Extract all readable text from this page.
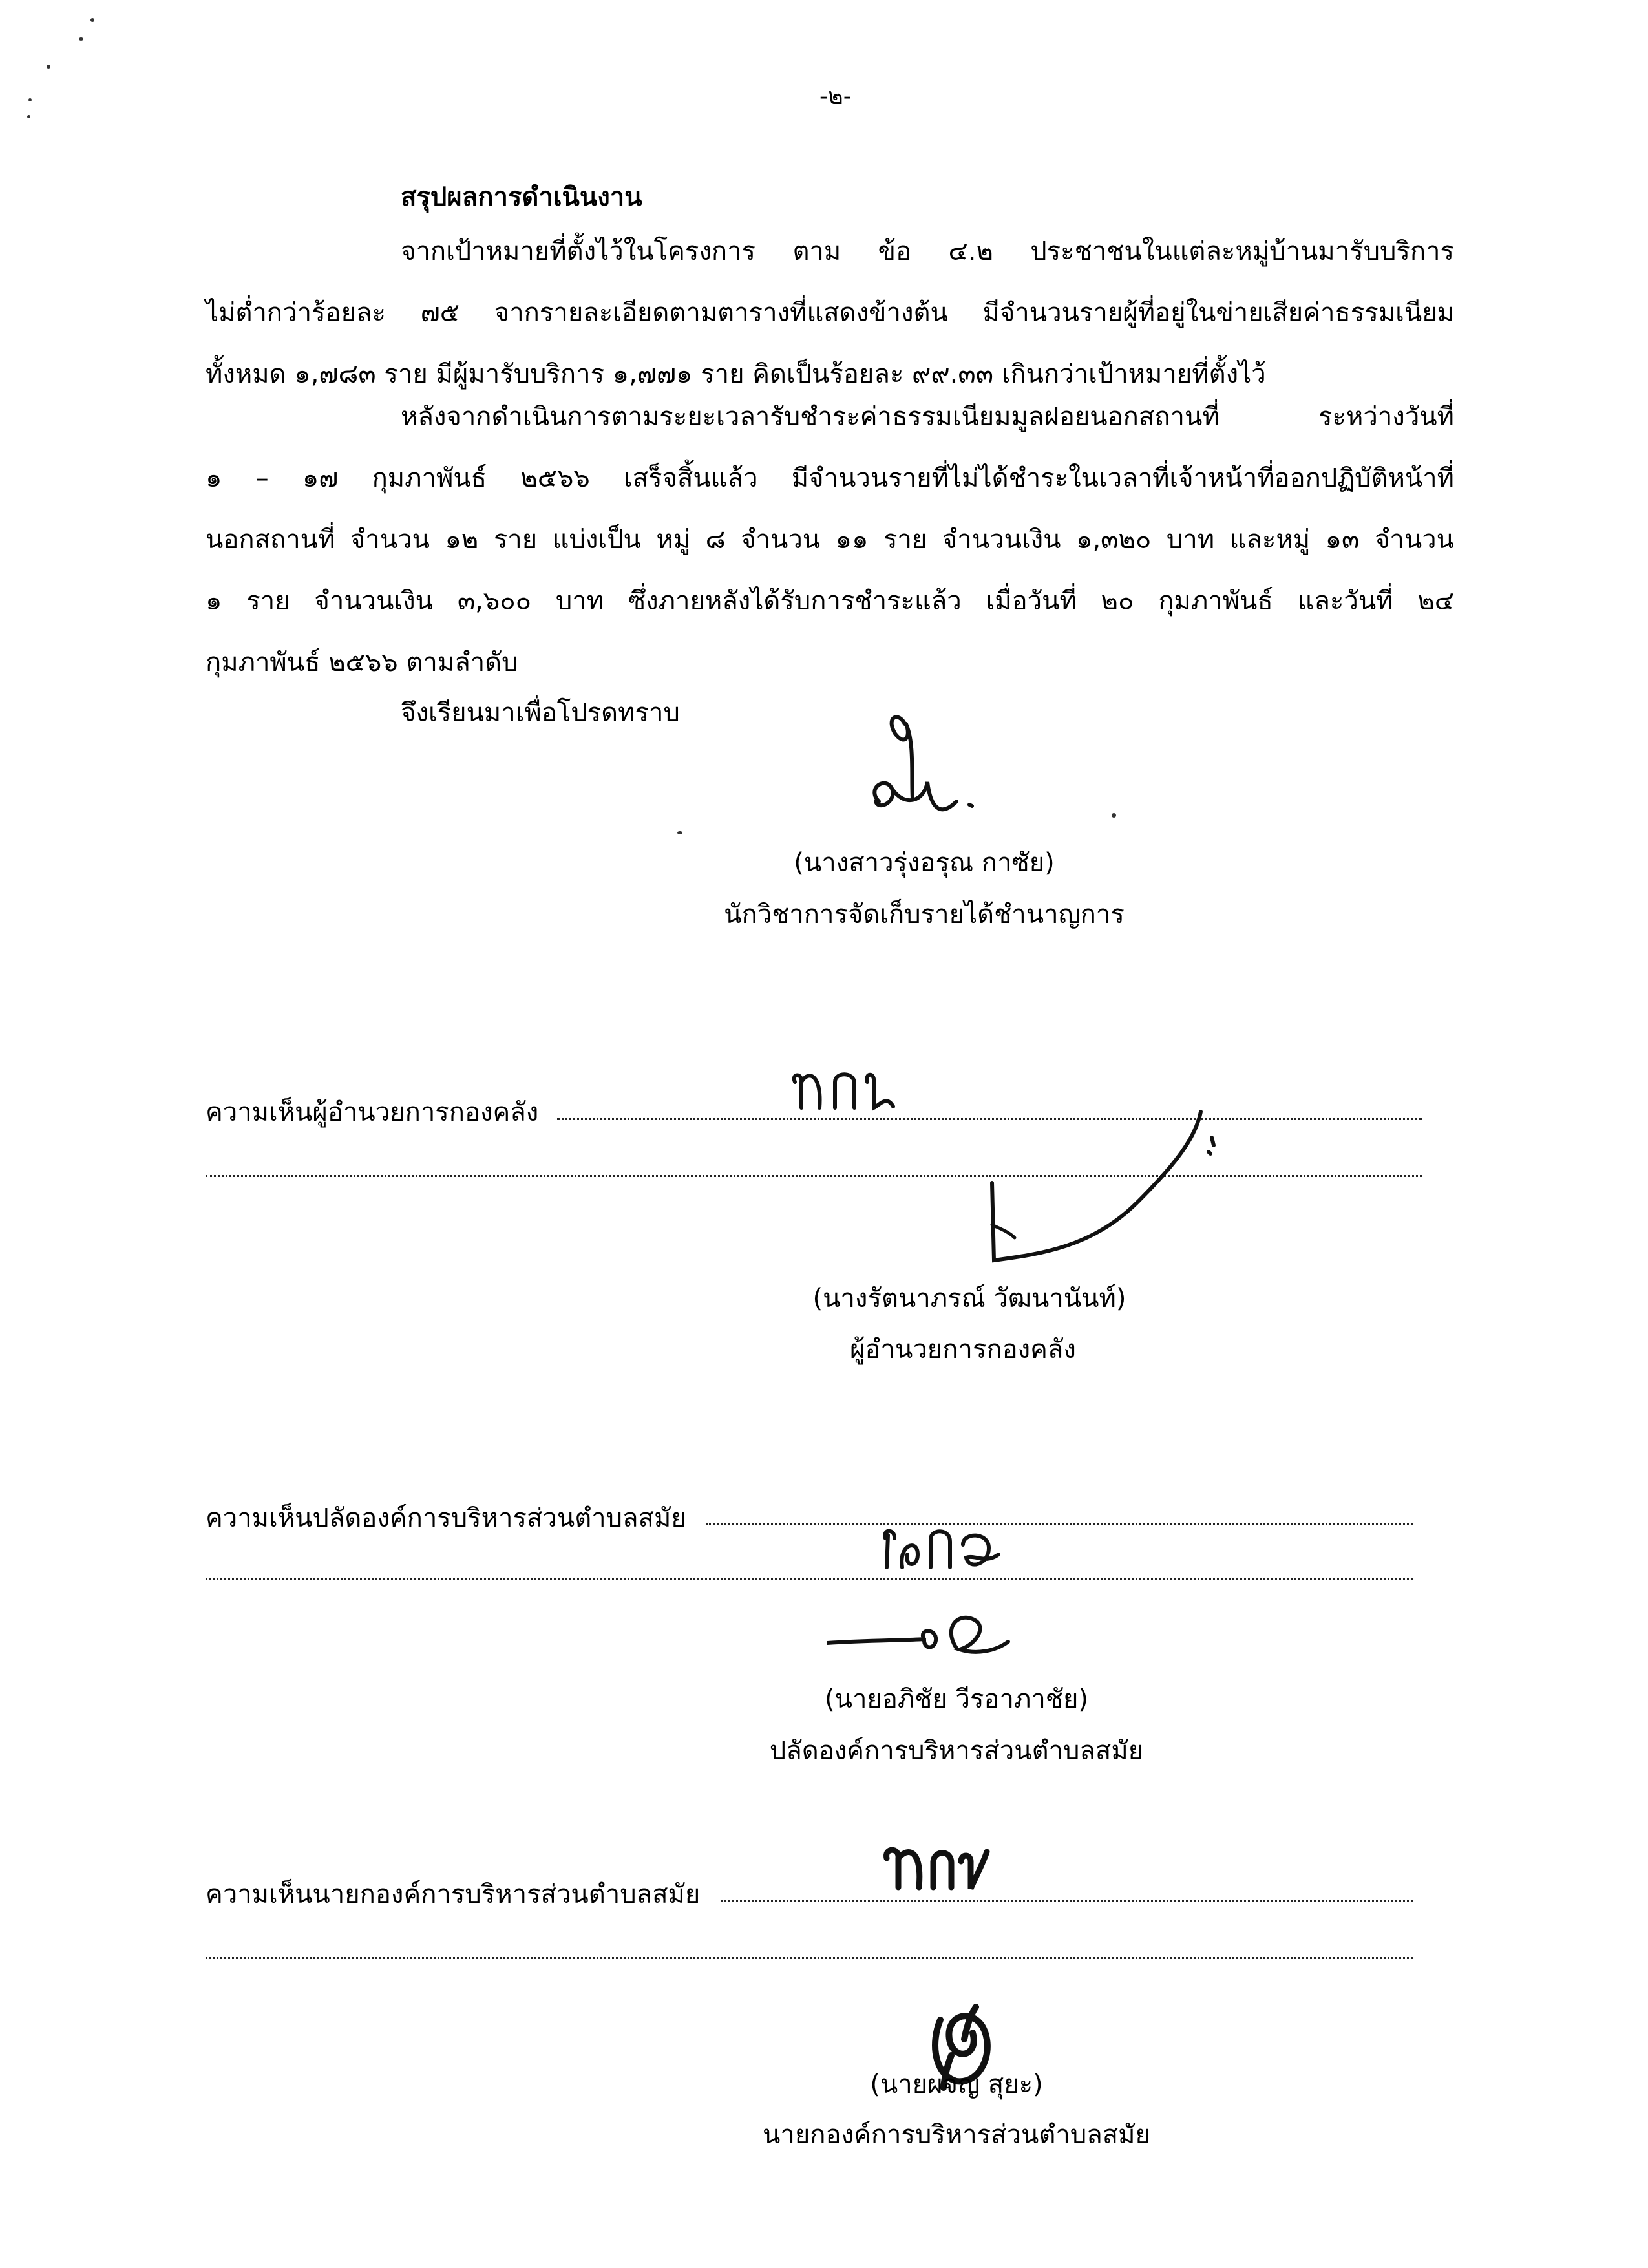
-๒-
สรุปผลการดำเนินงาน
จากเป้าหมายที่ตั้งไว้ในโครงการ ตาม ข้อ ๔.๒ ประชาชนในแต่ละหมู่บ้านมารับบริการ
ไม่ต่ำกว่าร้อยละ ๗๕ จากรายละเอียดตามตารางที่แสดงข้างต้น มีจำนวนรายผู้ที่อยู่ในข่ายเสียค่าธรรมเนียม
ทั้งหมด ๑,๗๘๓ ราย มีผู้มารับบริการ ๑,๗๗๑ ราย คิดเป็นร้อยละ ๙๙.๓๓ เกินกว่าเป้าหมายที่ตั้งไว้
หลังจากดำเนินการตามระยะเวลารับชำระค่าธรรมเนียมมูลฝอยนอกสถานที่ ระหว่างวันที่
๑ – ๑๗ กุมภาพันธ์ ๒๕๖๖ เสร็จสิ้นแล้ว มีจำนวนรายที่ไม่ได้ชำระในเวลาที่เจ้าหน้าที่ออกปฏิบัติหน้าที่
นอกสถานที่ จำนวน ๑๒ ราย แบ่งเป็น หมู่ ๘ จำนวน ๑๑ ราย จำนวนเงิน ๑,๓๒๐ บาท และหมู่ ๑๓ จำนวน
๑ ราย จำนวนเงิน ๓,๖๐๐ บาท ซึ่งภายหลังได้รับการชำระแล้ว เมื่อวันที่ ๒๐ กุมภาพันธ์ และวันที่ ๒๔
กุมภาพันธ์ ๒๕๖๖ ตามลำดับ
จึงเรียนมาเพื่อโปรดทราบ
(นางสาวรุ่งอรุณ กาซัย)
นักวิชาการจัดเก็บรายได้ชำนาญการ
ความเห็นผู้อำนวยการกองคลัง
(นางรัตนาภรณ์ วัฒนานันท์)
ผู้อำนวยการกองคลัง
ความเห็นปลัดองค์การบริหารส่วนตำบลสมัย
(นายอภิชัย วีรอาภาชัย)
ปลัดองค์การบริหารส่วนตำบลสมัย
ความเห็นนายกองค์การบริหารส่วนตำบลสมัย
(นายผจญ สุยะ)
นายกองค์การบริหารส่วนตำบลสมัย
